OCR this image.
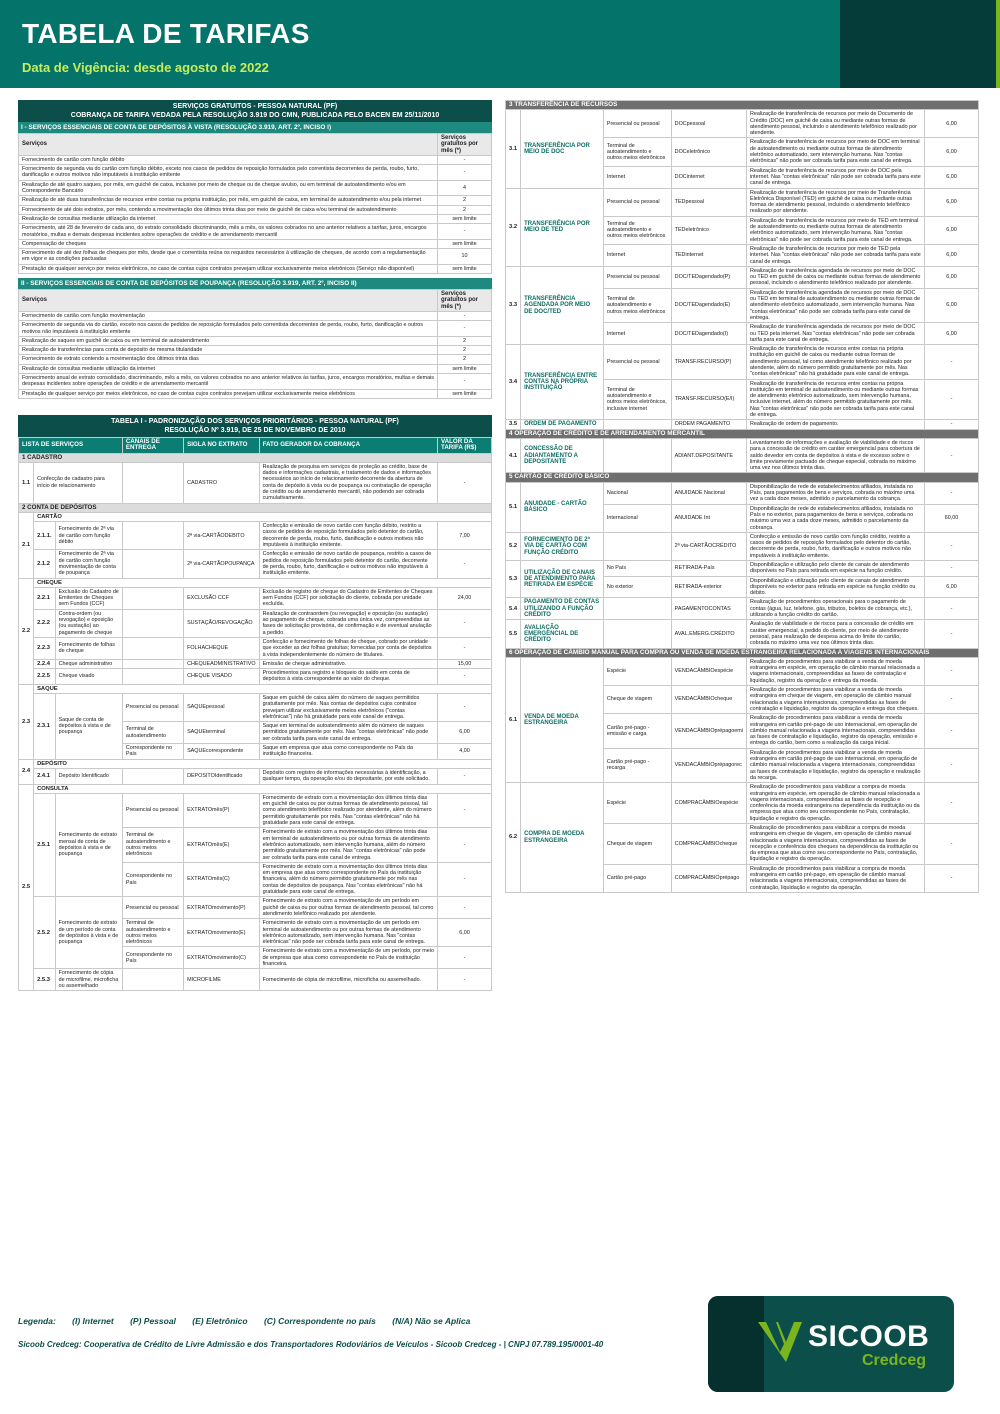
TABELA DE TARIFAS
Data de Vigência: desde agosto de 2022
SERVIÇOS GRATUITOS - PESSOA NATURAL (PF)
COBRANÇA DE TARIFA VEDADA PELA RESOLUÇÃO 3.919 DO CMN, PUBLICADA PELO BACEN EM 25/11/2010
I - SERVIÇOS ESSENCIAIS DE CONTA DE DEPÓSITOS À VISTA (RESOLUÇÃO 3.919, ART. 2º, INCISO I)
Serviços	Serviços gratuitos por mês (*)
Fornecimento de cartão com função débito	-
Fornecimento de segunda via do cartão com função débito, exceto nos casos de pedidos de reposição formulados pelo correntista decorrentes de perda, roubo, furto, danificação e outros motivos não imputáveis à instituição emitente	-
Realização de até quatro saques, por mês, em guichê de caixa, inclusive por meio de cheque ou de cheque avulso, ou em terminal de autoatendimento e/ou em Correspondente Bancário	4
Realização de até duas transferências de recursos entre contas na própria instituição, por mês, em guichê de caixa, em terminal de autoatendimento e/ou pela internet	2
Fornecimento de até dois extratos, por mês, contendo a movimentação dos últimos trinta dias por meio de guichê de caixa e/ou terminal de autoatendimento	2
Realização de consultas mediante utilização da internet	sem limite
Fornecimento, até 28 de fevereiro de cada ano, do extrato consolidado discriminando, mês a mês, os valores cobrados no ano anterior relativos a tarifas, juros, encargos moratórios, multas e demais despesas incidentes sobre operações de crédito e de arrendamento mercantil	-
Compensação de cheques	sem limite
Fornecimento de até dez folhas de cheques por mês, desde que o correntista reúna os requisitos necessários à utilização de cheques, de acordo com a regulamentação em vigor e as condições pactuadas	10
Prestação de qualquer serviço por meios eletrônicos, no caso de contas cujos contratos prevejam utilizar exclusivamente meios eletrônicos (Serviço não disponível)	sem limite
II - SERVIÇOS ESSENCIAIS DE CONTA DE DEPÓSITOS DE POUPANÇA (RESOLUÇÃO 3.919, ART. 2º, INCISO II)
Serviços	Serviços gratuitos por mês (*)
Fornecimento de cartão com função movimentação	-
Fornecimento de segunda via do cartão, exceto nos casos de pedidos de reposição formulados pelo correntista decorrentes de perda, roubo, furto, danificação e outros motivos não imputáveis à instituição emitente	-
Realização de saques em guichê de caixa ou em terminal de autoatendimento	2
Realização de transferências para conta de depósito de mesma titularidade	2
Fornecimento de extrato contendo a movimentação dos últimos trinta dias	2
Realização de consultas mediante utilização da internet	sem limite
Fornecimento anual de extrato consolidado, discriminando, mês a mês, os valores cobrados no ano anterior relativos às tarifas, juros, encargos moratórios, multas e demais despesas incidentes sobre operações de crédito e de arrendamento mercantil	-
Prestação de qualquer serviço por meios eletrônicos, no caso de contas cujos contratos prevejam utilizar exclusivamente meios eletrônicos	sem limite
TABELA I - PADRONIZAÇÃO DOS SERVIÇOS PRIORITÁRIOS - PESSOA NATURAL (PF)
RESOLUÇÃO Nº 3.919, DE 25 DE NOVEMBRO DE 2010
LISTA DE SERVIÇOS			CANAIS DE ENTREGA	SIGLA NO EXTRATO	FATO GERADOR DA COBRANÇA	VALOR DA TARIFA (R$)
1 CADASTRO						
1.1	Confecção de cadastro para início de relacionamento			CADASTRO	Realização de pesquisa em serviços de proteção ao crédito, base de dados e informações cadastrais, e tratamento de dados e informações necessários ao início de relacionamento decorrente da abertura de conta de depósito à vista ou de poupança ou contratação de operação de crédito ou de arrendamento mercantil, não podendo ser cobrada cumulativamente.	-
2 CONTA DE DEPÓSITOS						
2.1	CARTÃO					
	2.1.1.	Fornecimento de 2ª via de cartão com função débito		2ª via-CARTÃODEBITO	Confecção e emissão de novo cartão com função débito, restrito a casos de pedidos de reposição formulados pelo detentor do cartão, decorrente de perda, roubo, furto, danificação e outros motivos não imputáveis à instituição emitente.	7,00
	2.1.2	Fornecimento de 2ª via de cartão com função movimentação de conta de poupança		2ª via-CARTÃOPOUPANÇA	Confecção e emissão de novo cartão de poupança, restrito a casos de pedidos de reposição formulados pelo detentor do cartão, decorrente de perda, roubo, furto, danificação e outros motivos não imputáveis à instituição emitente.	-
2.2	CHEQUE					
	2.2.1	Exclusão do Cadastro de Emitentes de Cheques sem Fundos (CCF)		EXCLUSÃO CCF	Exclusão de registro de cheque do Cadastro de Emitentes de Cheques sem Fundos (CCF) por solicitação do cliente, cobrada por unidade excluída.	24,00
	2.2.2	Contra-ordem (ou revogação) e oposição (ou sustação) ao pagamento de cheque		SUSTAÇÃO/REVOGAÇÃO	Realização de contraordem (ou revogação) e oposição (ou sustação) ao pagamento de cheque, cobrada uma única vez, compreendidas as fases de solicitação provisória, de confirmação e de eventual anulação a pedido.	-
	2.2.3	Fornecimento de folhas de cheque		FOLHACHEQUE	Confecção e fornecimento de folhas de cheque, cobrado por unidade que exceder as dez folhas gratuitas; fornecidas por conta de depósitos à vista independentemente do número de titulares.	-
	2.2.4	Cheque administrativo		CHEQUEADMINISTRATIVO	Emissão de cheque administrativo.	15,00
	2.2.5	Cheque visado		CHEQUE VISADO	Procedimentos para registro e bloqueio do saldo em conta de depósitos à vista correspondente ao valor do cheque.	-
2.3	SAQUE					
	2.3.1	Saque de conta de depósitos à vista e de poupança	Presencial ou pessoal	SAQUEpessoal	Saque em guichê de caixa além do número de saques permitidos gratuitamente por mês. Nas contas de depósitos cujos contratos prevejam utilizar exclusivamente meios eletrônicos ("contas eletrônicas") não há gratuidade para este canal de entrega.	-
			Terminal de autoatendimento	SAQUEterminal	Saque em terminal de autoatendimento além do número de saques permitidos gratuitamente por mês. Nas "contas eletrônicas" não pode ser cobrada tarifa para este canal de entrega.	6,00
			Correspondente no País	SAQUEcorrespondente	Saque em empresa que atua como correspondente no País da instituição financeira.	4,00
2.4	DEPÓSITO					
	2.4.1	Depósito Identificado		DEPOSITOIdentificado	Depósito com registro de informações necessárias à identificação, a qualquer tempo, da operação e/ou do depositante, por este solicitado.	-
2.5	CONSULTA					
	2.5.1	Fornecimento de extrato mensal de conta de depósitos à vista e de poupança	Presencial ou pessoal	EXTRATOmês(P)	Fornecimento de extrato com a movimentação dos últimos trinta dias em guichê de caixa ou por outras formas de atendimento pessoal, tal como atendimento telefônico realizado por atendente, além do número permitido gratuitamente por mês. Nas "contas eletrônicas" não há gratuidade para este canal de entrega.	-
			Terminal de autoatendimento e outros meios eletrônicos	EXTRATOmês(E)	Fornecimento de extrato com a movimentação dos últimos trinta dias em terminal de autoatendimento ou por outras formas de atendimento eletrônico automatizado, sem intervenção humana, além do número permitido gratuitamente por mês. Nas "contas eletrônicas" não pode ser cobrada tarifa para este canal de entrega.	-
			Correspondente no País	EXTRATOmês(C)	Fornecimento de extrato com a movimentação dos últimos trinta dias em empresa que atua como correspondente no País da instituição financeira, além do número permitido gratuitamente por mês nas contas de depósitos de poupança. Nas "contas eletrônicas" não há gratuidade para este canal de entrega.	-
	2.5.2	Fornecimento de extrato de um período de conta de depósitos à vista e de poupança	Presencial ou pessoal	EXTRATOmovimento(P)	Fornecimento de extrato com a movimentação de um período em guichê de caixa ou por outras formas de atendimento pessoal, tal como atendimento telefônico realizado por atendente.	-
			Terminal de autoatendimento e outros meios eletrônicos	EXTRATOmovimento(E)	Fornecimento de extrato com a movimentação de um período em terminal de autoatendimento ou por outras formas de atendimento eletrônico automatizado, sem intervenção humana. Nas "contas eletrônicas" não pode ser cobrada tarifa para este canal de entrega.	6,00
			Correspondente no País	EXTRATOmovimento(C)	Fornecimento de extrato com a movimentação de um período, por meio de empresa que atua como correspondente no País de instituição financeira.	-
	2.5.3	Fornecimento de cópia de microfilme, microficha ou assemelhado		MICROFILME	Fornecimento de cópia de microfilme, microficha ou assemelhado.	-
3 TRANSFERÊNCIA DE RECURSOS					
3.1	TRANSFERÊNCIA POR MEIO DE DOC	Presencial ou pessoal	DOCpessoal	Realização de transferência de recursos por meio de Documento de Crédito (DOC) em guichê de caixa ou mediante outras formas de atendimento pessoal, incluindo o atendimento telefônico realizado por atendente.	6,00
		Terminal de autoatendimento e outros meios eletrônicos	DOCeletrônico	Realização de transferência de recursos por meio de DOC em terminal de autoatendimento ou mediante outras formas de atendimento eletrônico automatizado, sem intervenção humana. Nas "contas eletrônicas" não pode ser cobrada tarifa para este canal de entrega.	6,00
		Internet	DOCinternet	Realização de transferência de recursos por meio de DOC pela internet. Nas "contas eletrônicas" não pode ser cobrada tarifa para este canal de entrega.	6,00
3.2	TRANSFERÊNCIA POR MEIO DE TED	Presencial ou pessoal	TEDpessoal	Realização de transferência de recursos por meio de Transferência Eletrônica Disponível (TED) em guichê de caixa ou mediante outras formas de atendimento pessoal, incluindo o atendimento telefônico realizado por atendente.	6,00
		Terminal de autoatendimento e outros meios eletrônicos	TEDeletrônico	Realização de transferência de recursos por meio de TED em terminal de autoatendimento ou mediante outras formas de atendimento eletrônico automatizado, sem intervenção humana. Nas "contas eletrônicas" não pode ser cobrada tarifa para este canal de entrega.	6,00
		Internet	TEDinternet	Realização de transferência de recursos por meio de TED pela internet. Nas "contas eletrônicas" não pode ser cobrada tarifa para este canal de entrega.	6,00
3.3	TRANSFERÊNCIA AGENDADA POR MEIO DE DOC/TED	Presencial ou pessoal	DOC/TEDagendado(P)	Realização de transferência agendada de recursos por meio de DOC ou TED em guichê de caixa ou mediante outras formas de atendimento pessoal, incluindo o atendimento telefônico realizado por atendente.	6,00
		Terminal de autoatendimento e outros meios eletrônicos	DOC/TEDagendado(E)	Realização de transferência agendada de recursos por meio de DOC ou TED em terminal de autoatendimento ou mediante outras formas de atendimento eletrônico automatizado, sem intervenção humana. Nas "contas eletrônicas" não pode ser cobrada tarifa para este canal de entrega.	6,00
		Internet	DOC/TEDagendado(I)	Realização de transferência agendada de recursos por meio de DOC ou TED pela internet. Nas "contas eletrônicas" não pode ser cobrada tarifa para este canal de entrega.	6,00
3.4	TRANSFERÊNCIA ENTRE CONTAS NA PRÓPRIA INSTITUIÇÃO	Presencial ou pessoal	TRANSF.RECURSO(P)	Realização de transferência de recursos entre contas na própria instituição em guichê de caixa ou mediante outras formas de atendimento pessoal, tal como atendimento telefônico realizado por atendente, além do número permitido gratuitamente por mês. Nas "contas eletrônicas" não há gratuidade para este canal de entrega.	-
		Terminal de autoatendimento e outros meios eletrônicos, inclusive internet	TRANSF.RECURSO(E/I)	Realização de transferência de recursos entre contas na própria instituição em terminal de autoatendimento ou mediante outras formas de atendimento eletrônico automatizado, sem intervenção humana, inclusive internet, além do número permitido gratuitamente por mês. Nas "contas eletrônicas" não pode ser cobrada tarifa para este canal de entrega.	-
3.5	ORDEM DE PAGAMENTO		ORDEM PAGAMENTO	Realização de ordem de pagamento.	-
4 OPERAÇÃO DE CRÉDITO E DE ARRENDAMENTO MERCANTIL					
4.1	CONCESSÃO DE ADIANTAMENTO A DEPOSITANTE		ADIANT.DEPOSITANTE	Levantamento de informações e avaliação de viabilidade e de riscos para a concessão de crédito em caráter emergencial para cobertura de saldo devedor em conta de depósitos à vista e de excesso sobre o limite previamente pactuado de cheque especial, cobrada no máximo uma vez nos últimos trinta dias.	-
5 CARTÃO DE CRÉDITO BÁSICO					
5.1	ANUIDADE - CARTÃO BÁSICO	Nacional	ANUIDADE Nacional	Disponibilização de rede de estabelecimentos afiliados, instalada no País, para pagamentos de bens e serviços, cobrada no máximo uma vez a cada doze meses, admitido o parcelamento da cobrança.	-
		Internacional	ANUIDADE Int	Disponibilização de rede de estabelecimentos afiliados, instalada no País e no exterior, para pagamentos de bens e serviços, cobrada no máximo uma vez a cada doze meses, admitido o parcelamento da cobrança.	60,00
5.2	FORNECIMENTO DE 2ª VIA DE CARTÃO COM FUNÇÃO CRÉDITO		2ª via-CARTÃOCRÉDITO	Confecção e emissão de novo cartão com função crédito, restrito a casos de pedidos de reposição formulados pelo detentor do cartão, decorrente de perda, roubo, furto, danificação e outros motivos não imputáveis à instituição emitente.	-
5.3	UTILIZAÇÃO DE CANAIS DE ATENDIMENTO PARA RETIRADA EM ESPÉCIE	No País	RETIRADA-País	Disponibilização e utilização pelo cliente de canais de atendimento disponíveis no País para retirada em espécie na função crédito.	-
		No exterior	RETIRADA-exterior	Disponibilização e utilização pelo cliente de canais de atendimento disponíveis no exterior para retirada em espécie na função crédito ou débito.	6,00
5.4	PAGAMENTO DE CONTAS UTILIZANDO A FUNÇÃO CRÉDITO		PAGAMENTOCONTAS	Realização de procedimentos operacionais para o pagamento de contas (água, luz, telefone, gás, tributos, boletos de cobrança, etc.), utilizando a função crédito do cartão.	-
5.5	AVALIAÇÃO EMERGENCIAL DE CRÉDITO		AVAL.EMERG.CRÉDITO	Avaliação de viabilidade e de riscos para a concessão de crédito em caráter emergencial, a pedido do cliente, por meio de atendimento pessoal, para realização de despesa acima do limite do cartão, cobrada no máximo uma vez nos últimos trinta dias.	-
6 OPERAÇÃO DE CÂMBIO MANUAL PARA COMPRA OU VENDA DE MOEDA ESTRANGEIRA RELACIONADA A VIAGENS INTERNACIONAIS					
6.1	VENDA DE MOEDA ESTRANGEIRA	Espécie	VENDACÂMBIOespécie	Realização de procedimentos para viabilizar a venda de moeda estrangeira em espécie, em operação de câmbio manual relacionada a viagens internacionais, compreendidas as fases de contratação e liquidação, registro da operação e entrega da moeda.	-
		Cheque de viagem	VENDACÂMBIOcheque	Realização de procedimentos para viabilizar a venda de moeda estrangeira em cheque de viagem, em operação de câmbio manual relacionada a viagens internacionais, compreendidas as fases de contratação e liquidação, registro da operação e entrega dos cheques.	-
		Cartão pré-pago - emissão e carga	VENDACÂMBIOprépagoemi	Realização de procedimentos para viabilizar a venda de moeda estrangeira em cartão pré-pago de uso internacional, em operação de câmbio manual relacionada a viagens internacionais, compreendidas as fases de contratação e liquidação, registro da operação, emissão e entrega do cartão, bem como a realização da carga inicial.	-
		Cartão pré-pago - recarga	VENDACÂMBIOprépagorec	Realização de procedimentos para viabilizar a venda de moeda estrangeira em cartão pré-pago de uso internacional, em operação de câmbio manual relacionada a viagens internacionais, compreendidas as fases de contratação e liquidação, registro da operação e realização da recarga.	-
6.2	COMPRA DE MOEDA ESTRANGEIRA	Espécie	COMPRACÂMBIOespécie	Realização de procedimentos para viabilizar a compra de moeda estrangeira em espécie, em operação de câmbio manual relacionada a viagens internacionais, compreendidas as fases de recepção e conferência da moeda estrangeira na dependência da instituição ou da empresa que atua como seu correspondente no País, contratação, liquidação e registro da operação.	-
		Cheque de viagem	COMPRACÂMBIOcheque	Realização de procedimentos para viabilizar a compra de moeda estrangeira em cheque de viagem, em operação de câmbio manual relacionada a viagens internacionais, compreendidas as fases de recepção e conferência dos cheques na dependência da instituição ou da empresa que atua como seu correspondente no País, contratação, liquidação e registro da operação.	-
		Cartão pré-pago	COMPRACÂMBIOprépago	Realização de procedimentos para viabilizar a compra de moeda estrangeira em cartão pré-pago, em operação de câmbio manual relacionada a viagens internacionais, compreendidas as fases de contratação, liquidação e registro da operação.	-
Legenda: (I) Internet (P) Pessoal (E) Eletrônico (C) Correspondente no país (N/A) Não se Aplica
Sicoob Credceg: Cooperativa de Crédito de Livre Admissão e dos Transportadores Rodoviários de Veículos - Sicoob Credceg - | CNPJ 07.789.195/0001-40	SICOOB
Credceg
